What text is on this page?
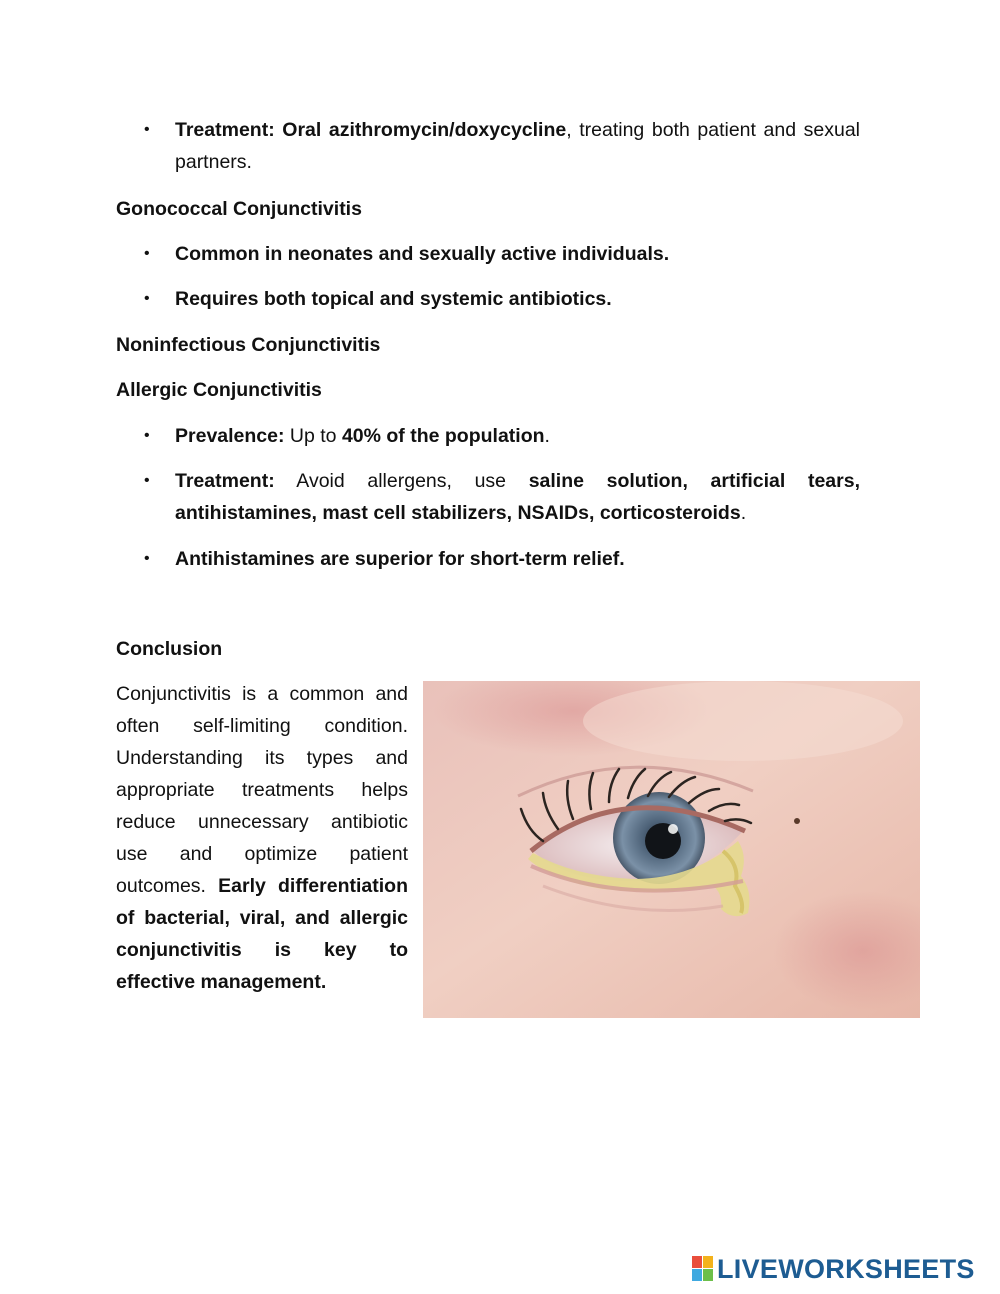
•	Treatment: Oral azithromycin/doxycycline, treating both patient and sexual partners.
Gonococcal Conjunctivitis
•	Common in neonates and sexually active individuals.
•	Requires both topical and systemic antibiotics.
Noninfectious Conjunctivitis
Allergic Conjunctivitis
•	Prevalence: Up to 40% of the population.
•	Treatment: Avoid allergens, use saline solution, artificial tears, antihistamines, mast cell stabilizers, NSAIDs, corticosteroids.
•	Antihistamines are superior for short-term relief.
Conclusion
Conjunctivitis is a common and often self-limiting condition. Understanding its types and appropriate treatments helps reduce unnecessary antibiotic use and optimize patient outcomes. Early differentiation of bacterial, viral, and allergic conjunctivitis is key to effective management.
LIVEWORKSHEETS
